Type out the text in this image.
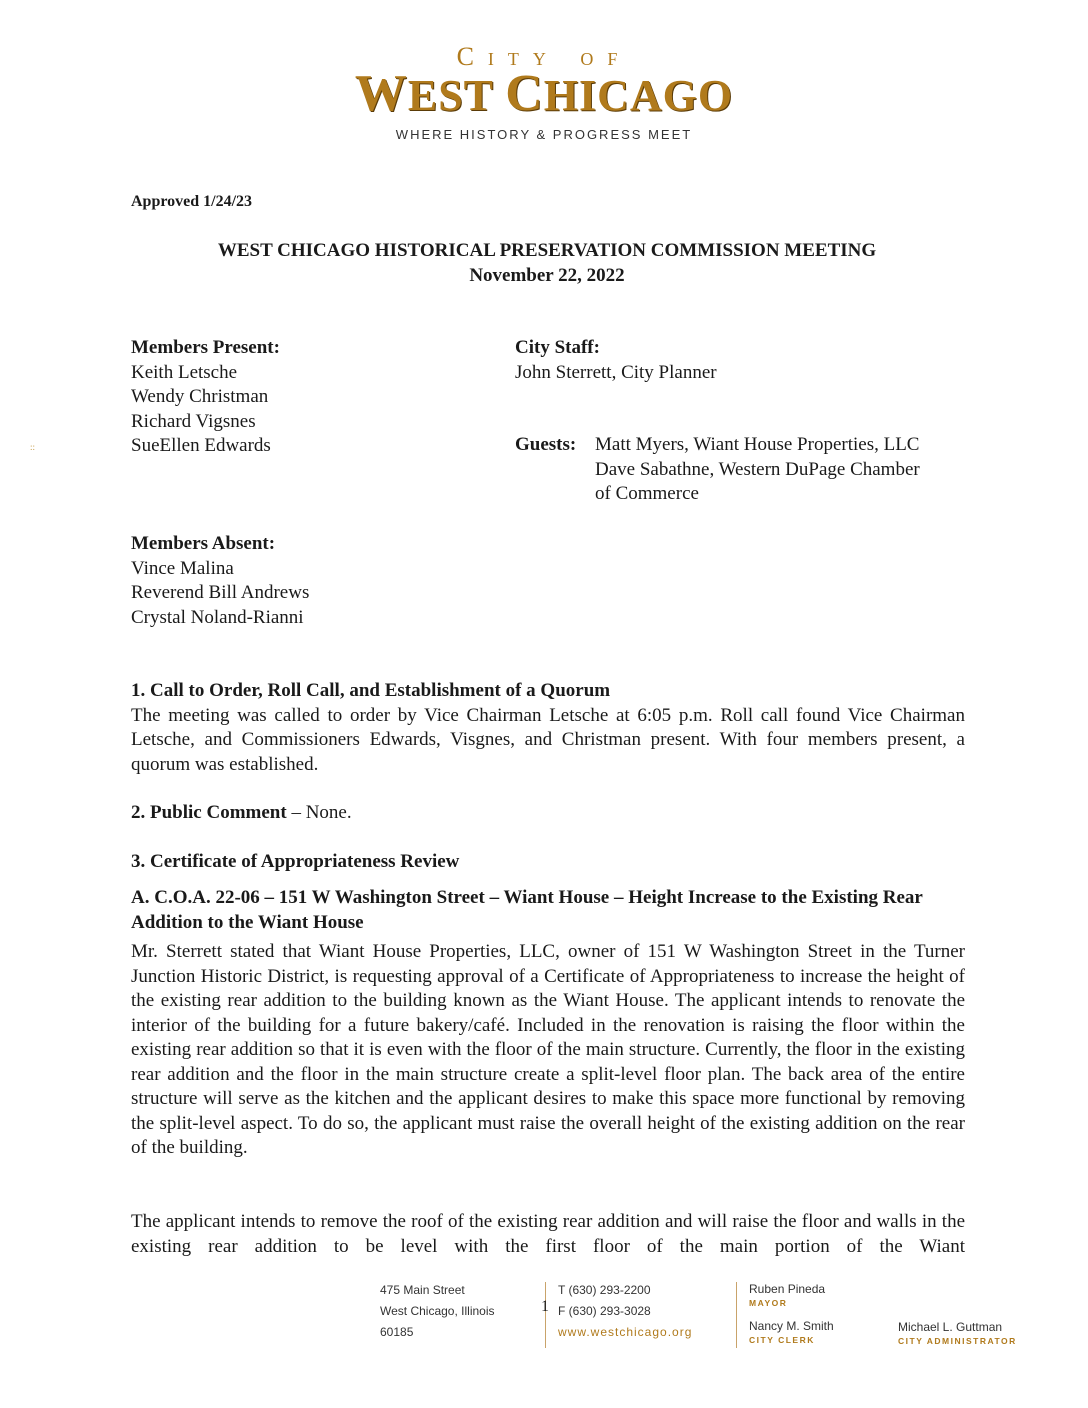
City of
WEST CHICAGO
WHERE HISTORY & PROGRESS MEET
Approved 1/24/23
WEST CHICAGO HISTORICAL PRESERVATION COMMISSION MEETING
November 22, 2022
Members Present:
Keith Letsche
Wendy Christman
Richard Vigsnes
SueEllen Edwards
City Staff:
John Sterrett, City Planner
Guests: Matt Myers, Wiant House Properties, LLC
Dave Sabathne, Western DuPage Chamber
of Commerce
Members Absent:
Vince Malina
Reverend Bill Andrews
Crystal Noland-Rianni
::
1. Call to Order, Roll Call, and Establishment of a Quorum
The meeting was called to order by Vice Chairman Letsche at 6:05 p.m. Roll call found Vice Chairman Letsche, and Commissioners Edwards, Visgnes, and Christman present. With four members present, a quorum was established.
2. Public Comment – None.
3. Certificate of Appropriateness Review
A. C.O.A. 22-06 – 151 W Washington Street – Wiant House – Height Increase to the Existing Rear Addition to the Wiant House
Mr. Sterrett stated that Wiant House Properties, LLC, owner of 151 W Washington Street in the Turner Junction Historic District, is requesting approval of a Certificate of Appropriateness to increase the height of the existing rear addition to the building known as the Wiant House. The applicant intends to renovate the interior of the building for a future bakery/café. Included in the renovation is raising the floor within the existing rear addition so that it is even with the floor of the main structure. Currently, the floor in the existing rear addition and the floor in the main structure create a split-level floor plan. The back area of the entire structure will serve as the kitchen and the applicant desires to make this space more functional by removing the split-level aspect. To do so, the applicant must raise the overall height of the existing addition on the rear of the building.
The applicant intends to remove the roof of the existing rear addition and will raise the floor and walls in the existing rear addition to be level with the first floor of the main portion of the Wiant
475 Main Street
West Chicago, Illinois
60185
1
T (630) 293-2200
F (630) 293-3028
www.westchicago.org
Ruben Pineda
MAYOR
Nancy M. Smith
CITY CLERK
Michael L. Guttman
CITY ADMINISTRATOR
